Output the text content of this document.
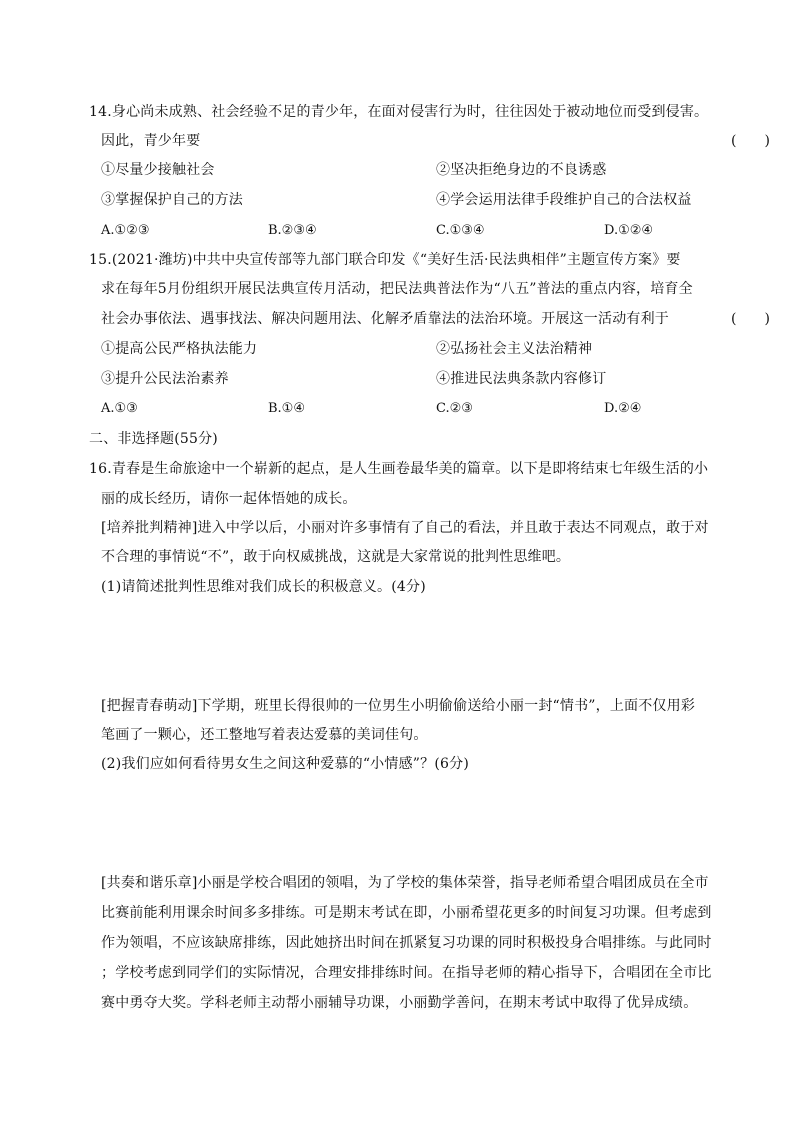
14.身心尚未成熟、社会经验不足的青少年，在面对侵害行为时，往往因处于被动地位而受到侵害。
因此，青少年要	(　　)
①尽量少接触社会	②坚决拒绝身边的不良诱惑
③掌握保护自己的方法	④学会运用法律手段维护自己的合法权益
A.①②③	B.②③④	C.①③④	D.①②④
15.(2021·潍坊)中共中央宣传部等九部门联合印发《“美好生活·民法典相伴”主题宣传方案》要
求在每年5月份组织开展民法典宣传月活动，把民法典普法作为“八五”普法的重点内容，培育全
社会办事依法、遇事找法、解决问题用法、化解矛盾靠法的法治环境。开展这一活动有利于	(　　)
①提高公民严格执法能力	②弘扬社会主义法治精神
③提升公民法治素养	④推进民法典条款内容修订
A.①③	B.①④	C.②③	D.②④
二、非选择题(55分)
16.青春是生命旅途中一个崭新的起点，是人生画卷最华美的篇章。以下是即将结束七年级生活的小
丽的成长经历，请你一起体悟她的成长。
[培养批判精神]进入中学以后，小丽对许多事情有了自己的看法，并且敢于表达不同观点，敢于对
不合理的事情说“不”，敢于向权威挑战，这就是大家常说的批判性思维吧。
(1)请简述批判性思维对我们成长的积极意义。(4分)
[把握青春萌动]下学期，班里长得很帅的一位男生小明偷偷送给小丽一封“情书”，上面不仅用彩
笔画了一颗心，还工整地写着表达爱慕的美词佳句。
(2)我们应如何看待男女生之间这种爱慕的“小情感”？(6分)
[共奏和谐乐章]小丽是学校合唱团的领唱，为了学校的集体荣誉，指导老师希望合唱团成员在全市
比赛前能利用课余时间多多排练。可是期末考试在即，小丽希望花更多的时间复习功课。但考虑到
作为领唱，不应该缺席排练，因此她挤出时间在抓紧复习功课的同时积极投身合唱排练。与此同时
；学校考虑到同学们的实际情况，合理安排排练时间。在指导老师的精心指导下，合唱团在全市比
赛中勇夺大奖。学科老师主动帮小丽辅导功课，小丽勤学善问，在期末考试中取得了优异成绩。
